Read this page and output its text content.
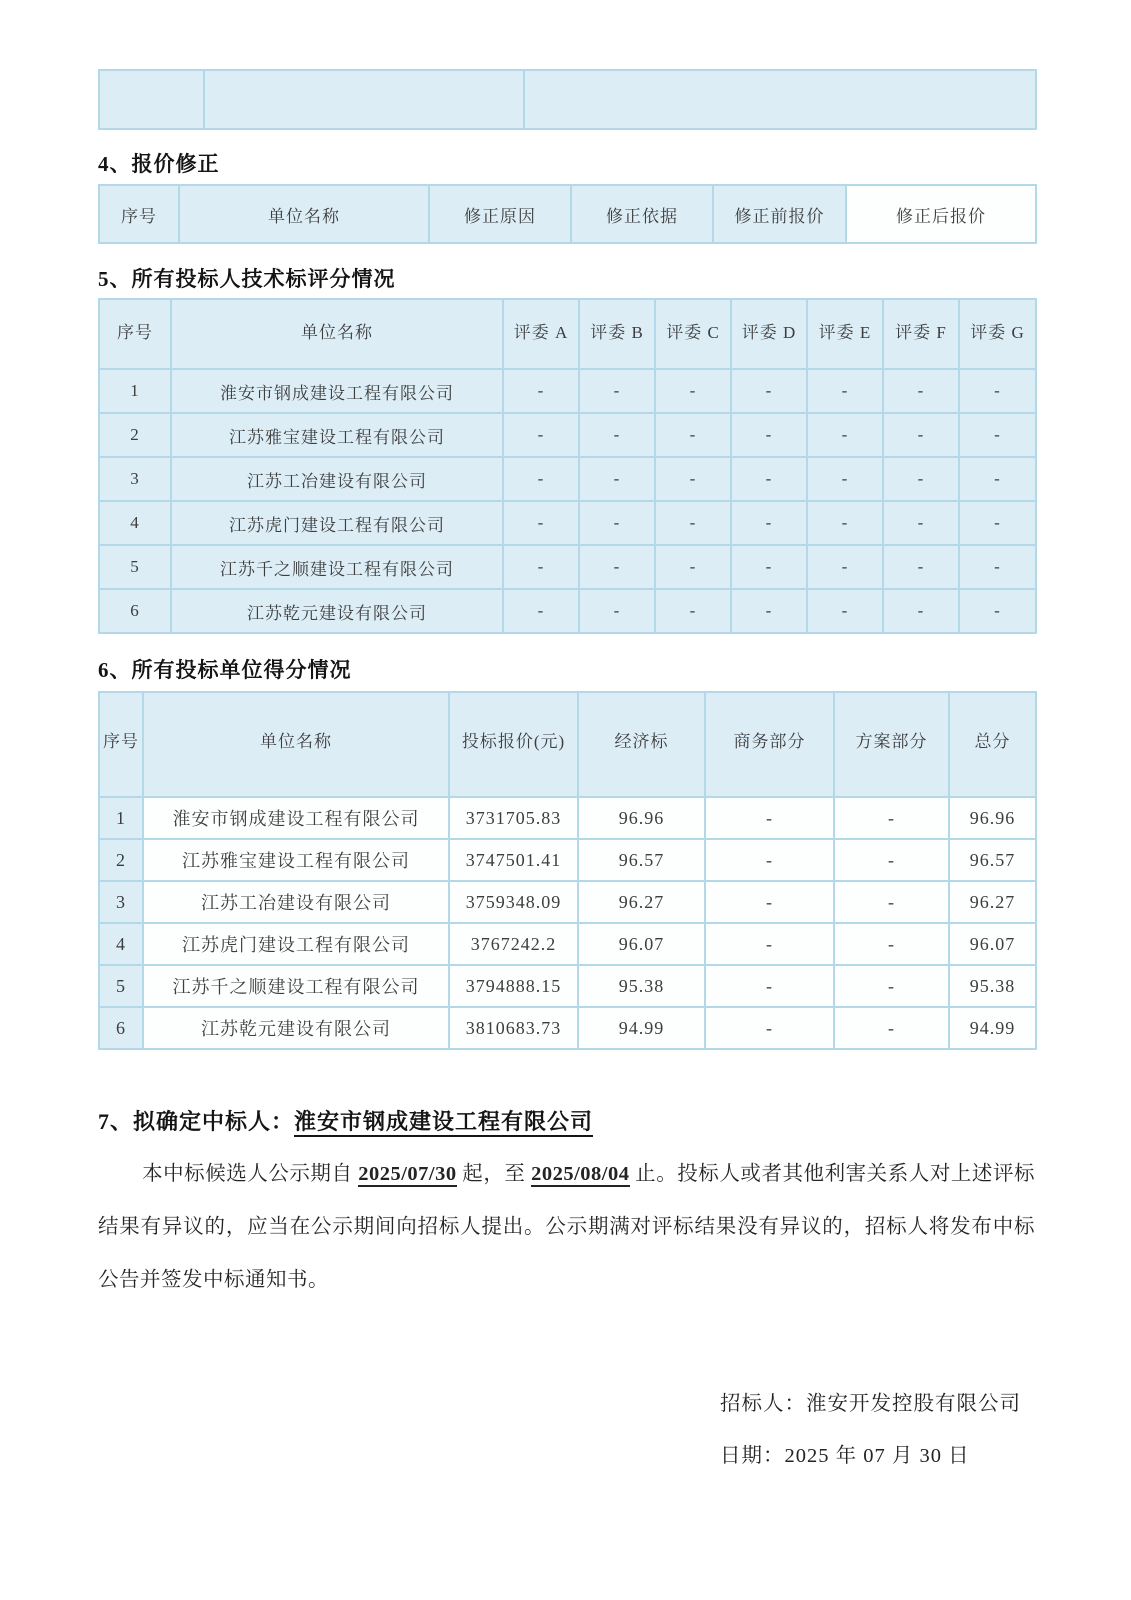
4、报价修正
序号	单位名称	修正原因	修正依据	修正前报价	修正后报价
5、所有投标人技术标评分情况
序号	单位名称	评委 A	评委 B	评委 C	评委 D	评委 E	评委 F	评委 G
1	淮安市钢成建设工程有限公司	-	-	-	-	-	-	-
2	江苏雅宝建设工程有限公司	-	-	-	-	-	-	-
3	江苏工冶建设有限公司	-	-	-	-	-	-	-
4	江苏虎门建设工程有限公司	-	-	-	-	-	-	-
5	江苏千之顺建设工程有限公司	-	-	-	-	-	-	-
6	江苏乾元建设有限公司	-	-	-	-	-	-	-
6、所有投标单位得分情况
序号	单位名称	投标报价(元)	经济标	商务部分	方案部分	总分
1	淮安市钢成建设工程有限公司	3731705.83	96.96	-	-	96.96
2	江苏雅宝建设工程有限公司	3747501.41	96.57	-	-	96.57
3	江苏工冶建设有限公司	3759348.09	96.27	-	-	96.27
4	江苏虎门建设工程有限公司	3767242.2	96.07	-	-	96.07
5	江苏千之顺建设工程有限公司	3794888.15	95.38	-	-	95.38
6	江苏乾元建设有限公司	3810683.73	94.99	-	-	94.99
7、拟确定中标人：淮安市钢成建设工程有限公司

本中标候选人公示期自 2025/07/30 起，至 2025/08/04 止。投标人或者其他利害关系人对上述评标结果有异议的，应当在公示期间向招标人提出。公示期满对评标结果没有异议的，招标人将发布中标公告并签发中标通知书。

招标人：淮安开发控股有限公司
日期：2025 年 07 月 30 日
